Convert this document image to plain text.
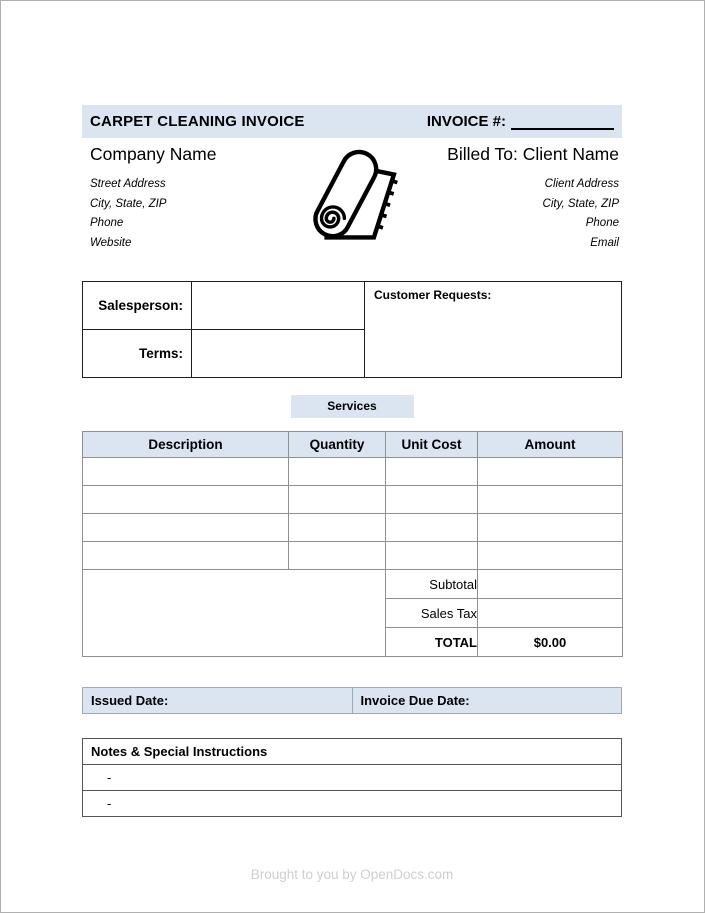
CARPET CLEANING INVOICE	INVOICE #:
Company Name
Street Address
City, State, ZIP
Phone
Website
Billed To: Client Name
Client Address
City, State, ZIP
Phone
Email
Salesperson:		Customer Requests:
Terms:		
Services
Description	Quantity	Unit Cost	Amount

		Subtotal	
		Sales Tax	
		TOTAL	$0.00
Issued Date:	Invoice Due Date:
Notes & Special Instructions
-
-
Brought to you by OpenDocs.com
